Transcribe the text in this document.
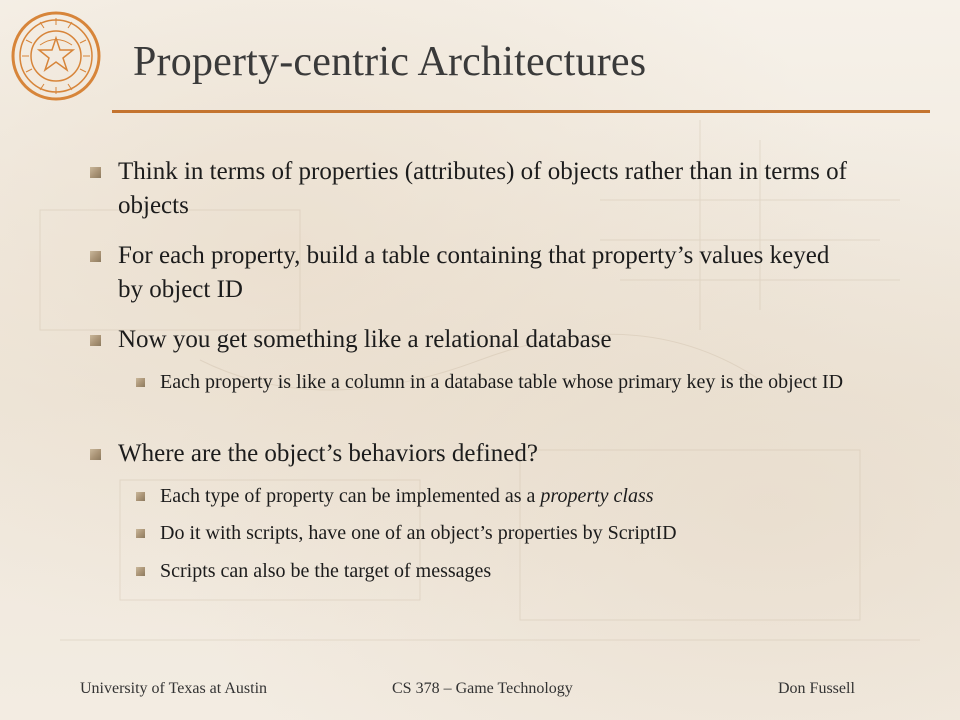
Property-centric Architectures

Think in terms of properties (attributes) of objects rather than in terms of objects

For each property, build a table containing that property’s values keyed by object ID

Now you get something like a relational database

Each property is like a column in a database table whose primary key is the object ID

Where are the object’s behaviors defined?

Each type of property can be implemented as a property class

Do it with scripts, have one of an object’s properties by ScriptID

Scripts can also be the target of messages

University of Texas at Austin	CS 378 – Game Technology	Don Fussell
